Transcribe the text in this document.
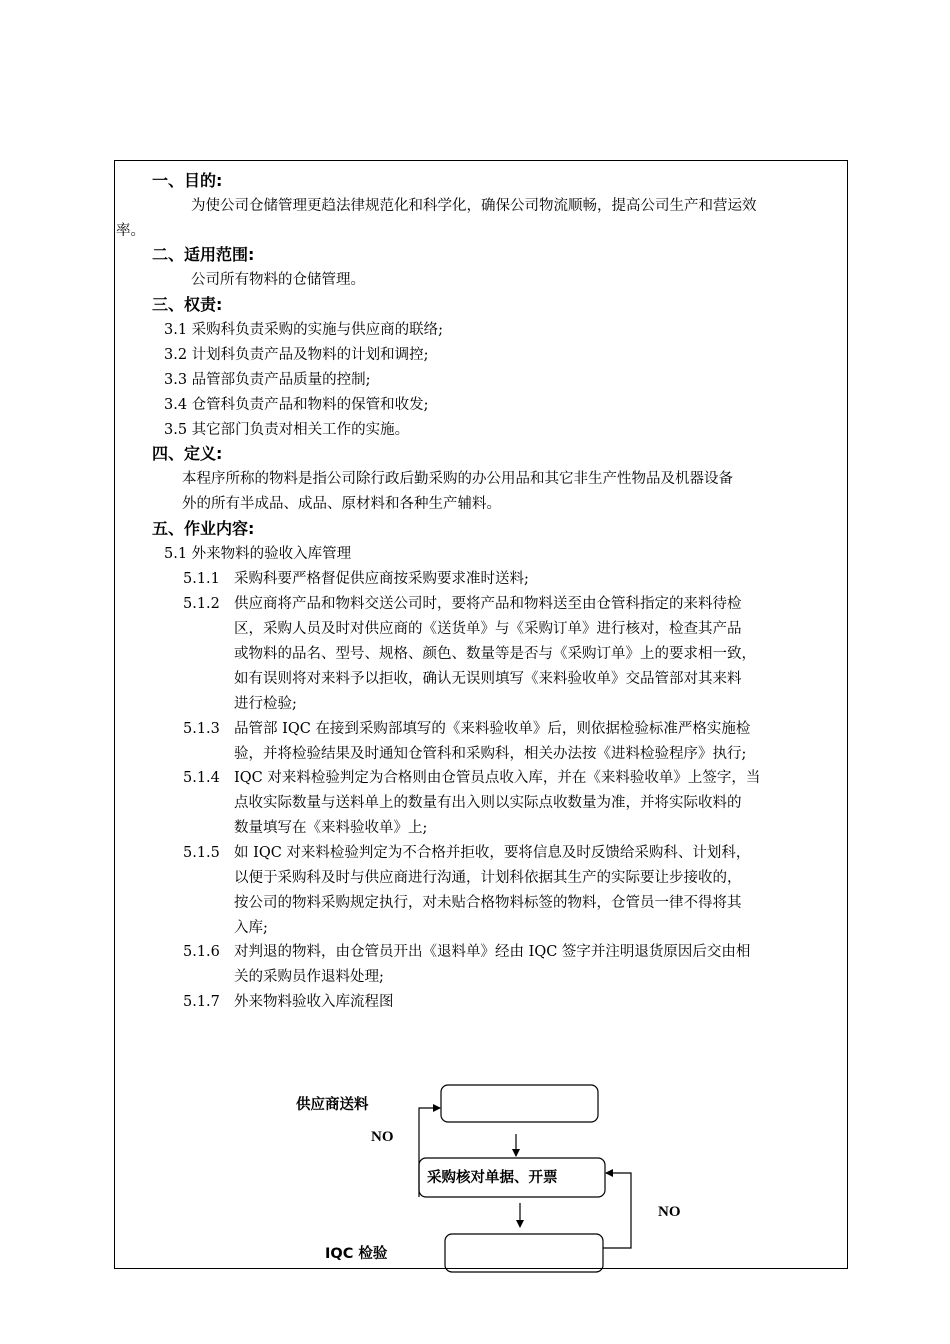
一、目的:
为使公司仓储管理更趋法律规范化和科学化，确保公司物流顺畅，提高公司生产和营运效
率。
二、适用范围:
公司所有物料的仓储管理。
三、权责:
3.1 采购科负责采购的实施与供应商的联络;
3.2 计划科负责产品及物料的计划和调控;
3.3 品管部负责产品质量的控制;
3.4 仓管科负责产品和物料的保管和收发;
3.5 其它部门负责对相关工作的实施。
四、定义:
本程序所称的物料是指公司除行政后勤采购的办公用品和其它非生产性物品及机器设备
外的所有半成品、成品、原材料和各种生产辅料。
五、作业内容:
5.1 外来物料的验收入库管理
5.1.1 采购科要严格督促供应商按采购要求准时送料;
5.1.2 供应商将产品和物料交送公司时，要将产品和物料送至由仓管科指定的来料待检
区，采购人员及时对供应商的《送货单》与《采购订单》进行核对，检查其产品
或物料的品名、型号、规格、颜色、数量等是否与《采购订单》上的要求相一致，
如有误则将对来料予以拒收，确认无误则填写《来料验收单》交品管部对其来料
进行检验;
5.1.3 品管部 IQC 在接到采购部填写的《来料验收单》后，则依据检验标准严格实施检
验，并将检验结果及时通知仓管科和采购科，相关办法按《进料检验程序》执行;
5.1.4 IQC 对来料检验判定为合格则由仓管员点收入库，并在《来料验收单》上签字，当
点收实际数量与送料单上的数量有出入则以实际点收数量为准，并将实际收料的
数量填写在《来料验收单》上;
5.1.5 如 IQC 对来料检验判定为不合格并拒收，要将信息及时反馈给采购科、计划科，
以便于采购科及时与供应商进行沟通，计划科依据其生产的实际要让步接收的，
按公司的物料采购规定执行，对未贴合格物料标签的物料，仓管员一律不得将其
入库;
5.1.6 对判退的物料，由仓管员开出《退料单》经由 IQC 签字并注明退货原因后交由相
关的采购员作退料处理;
5.1.7 外来物料验收入库流程图
供应商送料
NO
采购核对单据、开票
NO
IQC 检验
